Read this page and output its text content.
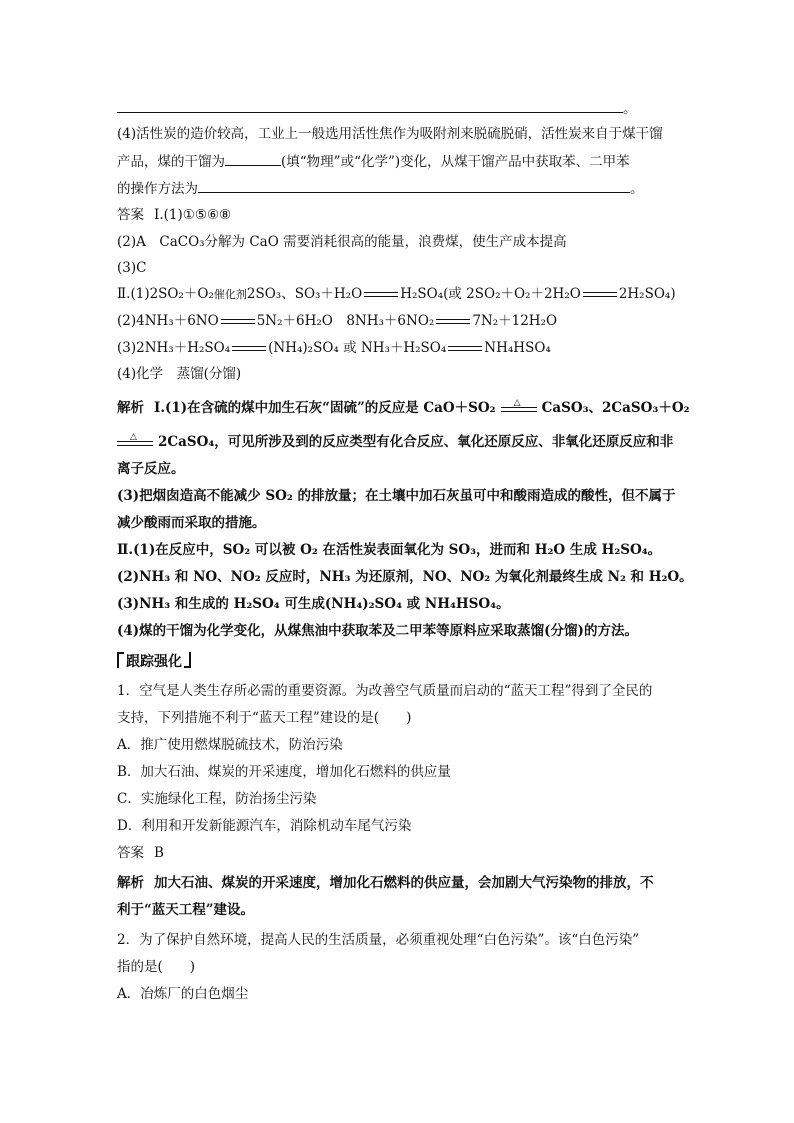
。
(4)活性炭的造价较高，工业上一般选用活性焦作为吸附剂来脱硫脱硝，活性炭来自于煤干馏
产品，煤的干馏为	(填“物理”或“化学”)变化，从煤干馏产品中获取苯、二甲苯
的操作方法为	。
答案 Ⅰ.(1)①⑤⑥⑧
(2)A　CaCO₃分解为 CaO 需要消耗很高的能量，浪费煤，使生产成本提高
(3)C
Ⅱ.(1)2SO₂＋O₂催化剂2SO₃、SO₃＋H₂O	H₂SO₄(或 2SO₂＋O₂＋2H₂O	2H₂SO₄)
(2)4NH₃＋6NO	5N₂＋6H₂O　8NH₃＋6NO₂	7N₂＋12H₂O
(3)2NH₃＋H₂SO₄	(NH₄)₂SO₄ 或 NH₃＋H₂SO₄	NH₄HSO₄
(4)化学　蒸馏(分馏)
解析 Ⅰ.(1)在含硫的煤中加生石灰“固硫”的反应是 CaO＋SO₂ △ CaSO₃、2CaSO₃＋O₂
△ 2CaSO₄，可见所涉及到的反应类型有化合反应、氧化还原反应、非氧化还原反应和非
离子反应。
(3)把烟囱造高不能减少 SO₂ 的排放量；在土壤中加石灰虽可中和酸雨造成的酸性，但不属于
减少酸雨而采取的措施。
Ⅱ.(1)在反应中，SO₂ 可以被 O₂ 在活性炭表面氧化为 SO₃，进而和 H₂O 生成 H₂SO₄。
(2)NH₃ 和 NO、NO₂ 反应时，NH₃ 为还原剂，NO、NO₂ 为氧化剂最终生成 N₂ 和 H₂O。
(3)NH₃ 和生成的 H₂SO₄ 可生成(NH₄)₂SO₄ 或 NH₄HSO₄。
(4)煤的干馏为化学变化，从煤焦油中获取苯及二甲苯等原料应采取蒸馏(分馏)的方法。
跟踪强化
1．空气是人类生存所必需的重要资源。为改善空气质量而启动的“蓝天工程”得到了全民的
支持，下列措施不利于“蓝天工程”建设的是(　　)
A．推广使用燃煤脱硫技术，防治污染
B．加大石油、煤炭的开采速度，增加化石燃料的供应量
C．实施绿化工程，防治扬尘污染
D．利用和开发新能源汽车，消除机动车尾气污染
答案 B
解析 加大石油、煤炭的开采速度，增加化石燃料的供应量，会加剧大气污染物的排放，不
利于“蓝天工程”建设。
2．为了保护自然环境，提高人民的生活质量，必须重视处理“白色污染”。该“白色污染”
指的是(　　)
A．冶炼厂的白色烟尘
